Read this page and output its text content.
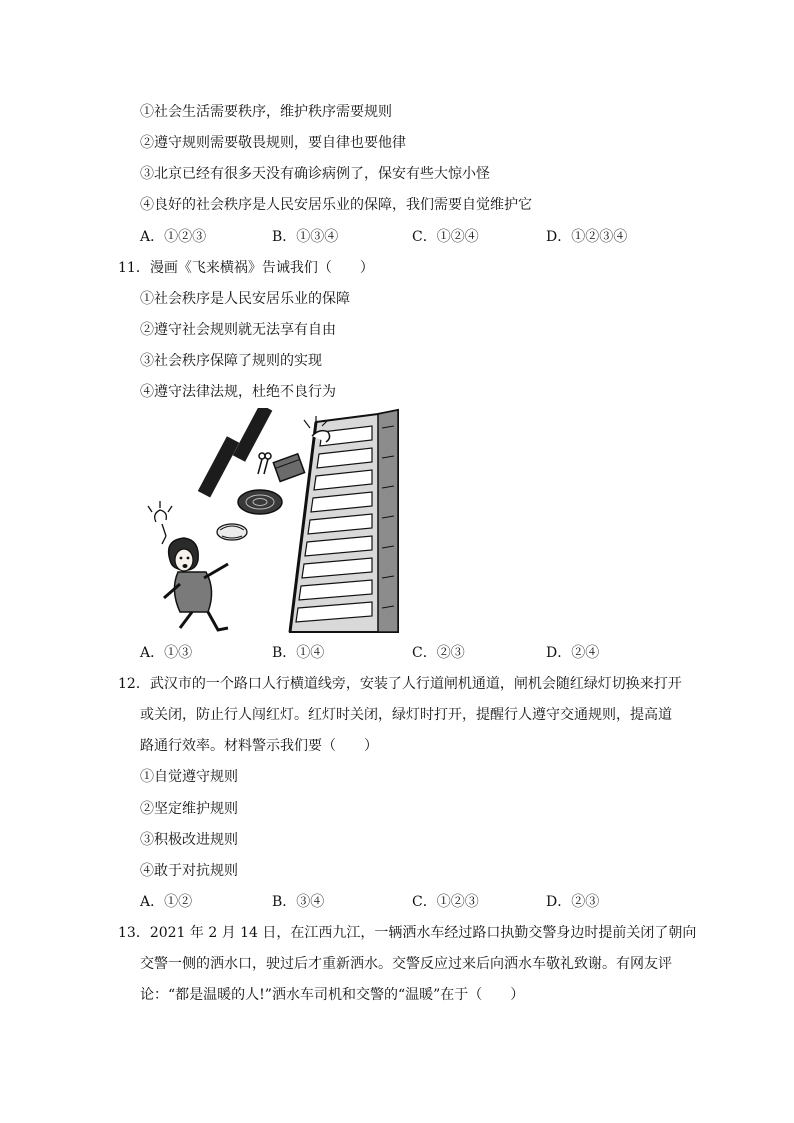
①社会生活需要秩序，维护秩序需要规则
②遵守规则需要敬畏规则，要自律也要他律
③北京已经有很多天没有确诊病例了，保安有些大惊小怪
④良好的社会秩序是人民安居乐业的保障，我们需要自觉维护它
A．①②③	B．①③④	C．①②④	D．①②③④
11．漫画《飞来横祸》告诫我们（　　）
①社会秩序是人民安居乐业的保障
②遵守社会规则就无法享有自由
③社会秩序保障了规则的实现
④遵守法律法规，杜绝不良行为
A．①③	B．①④	C．②③	D．②④
12．武汉市的一个路口人行横道线旁，安装了人行道闸机通道，闸机会随红绿灯切换来打开
或关闭，防止行人闯红灯。红灯时关闭，绿灯时打开，提醒行人遵守交通规则，提高道
路通行效率。材料警示我们要（　　）
①自觉遵守规则
②坚定维护规则
③积极改进规则
④敢于对抗规则
A．①②	B．③④	C．①②③	D．②③
13．2021 年 2 月 14 日，在江西九江，一辆洒水车经过路口执勤交警身边时提前关闭了朝向
交警一侧的洒水口，驶过后才重新洒水。交警反应过来后向洒水车敬礼致谢。有网友评
论：“都是温暖的人!”洒水车司机和交警的“温暖”在于（　　）
